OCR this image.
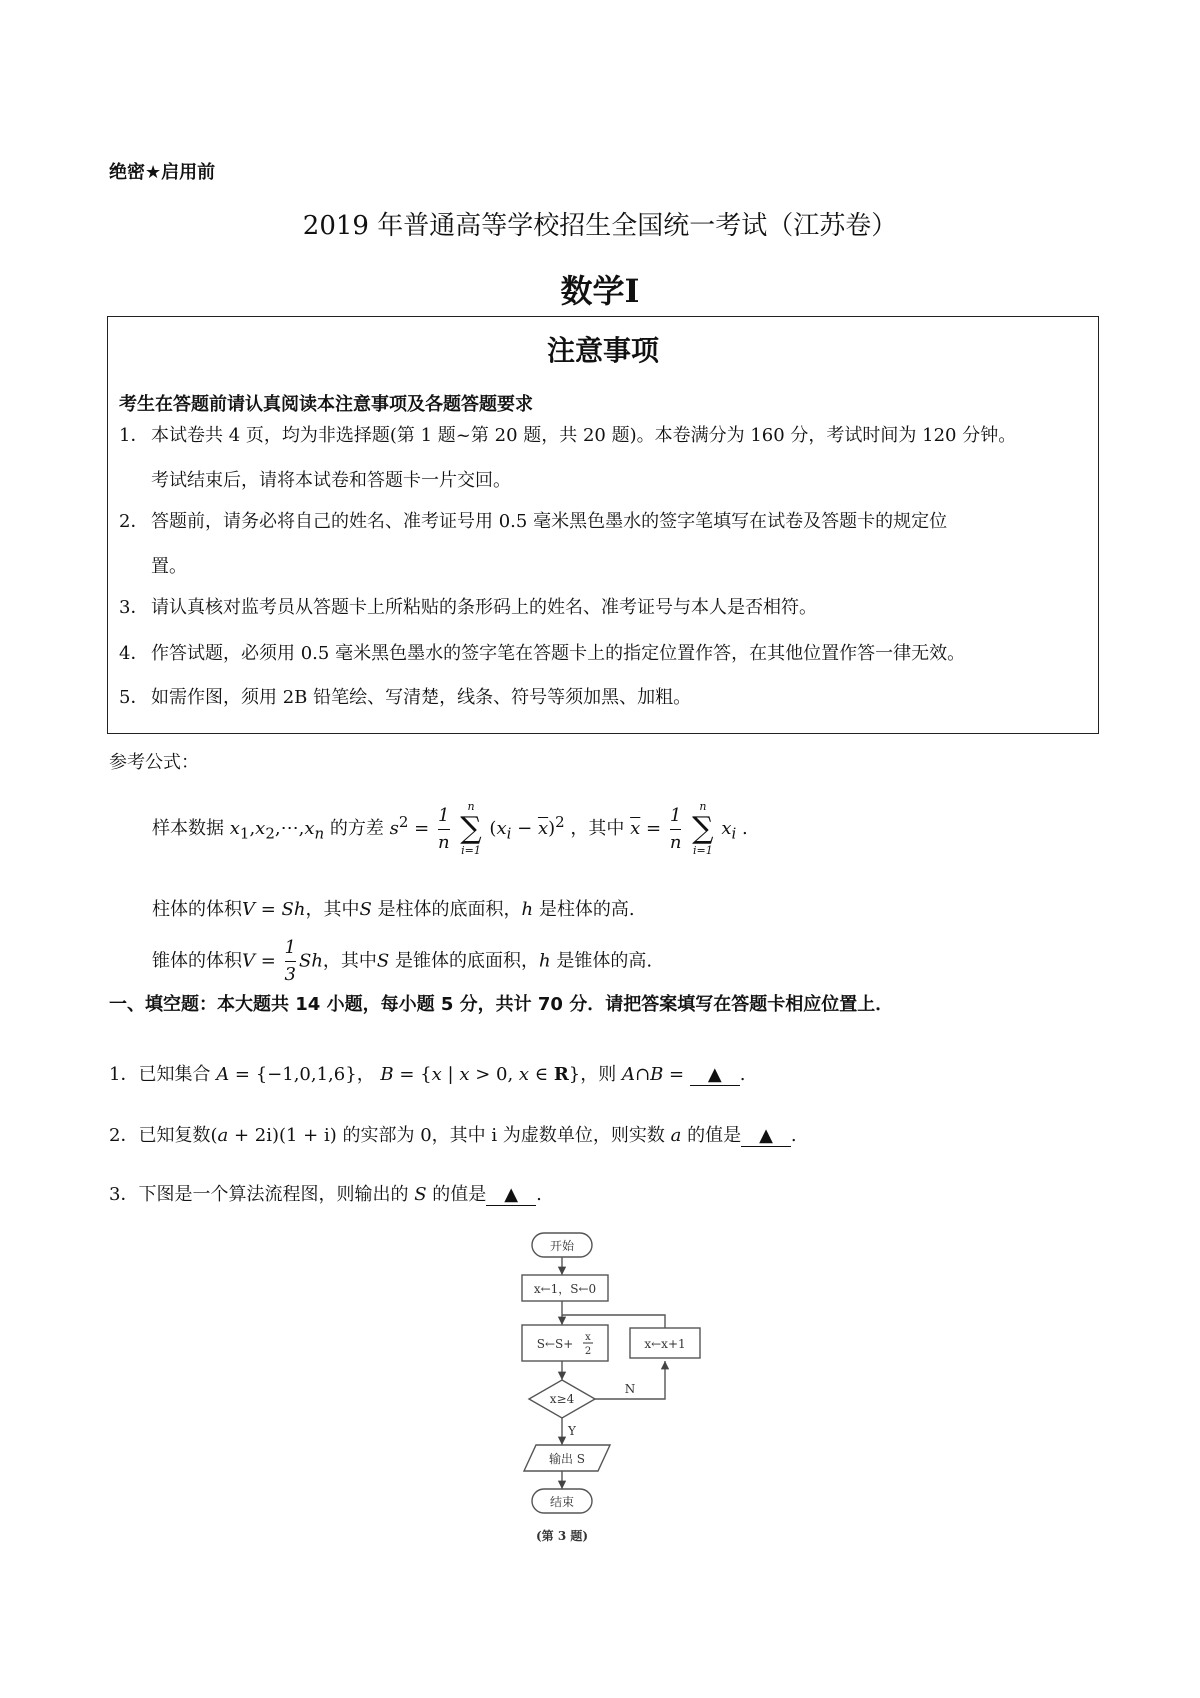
绝密★启用前
2019 年普通高等学校招生全国统一考试（江苏卷）
数学Ⅰ
注意事项
考生在答题前请认真阅读本注意事项及各题答题要求
1． 本试卷共 4 页，均为非选择题(第 1 题~第 20 题，共 20 题)。本卷满分为 160 分，考试时间为 120 分钟。
考试结束后，请将本试卷和答题卡一片交回。
2． 答题前，请务必将自己的姓名、准考证号用 0.5 毫米黑色墨水的签字笔填写在试卷及答题卡的规定位
置。
3． 请认真核对监考员从答题卡上所粘贴的条形码上的姓名、准考证号与本人是否相符。
4． 作答试题，必须用 0.5 毫米黑色墨水的签字笔在答题卡上的指定位置作答，在其他位置作答一律无效。
5． 如需作图，须用 2B 铅笔绘、写清楚，线条、符号等须加黑、加粗。
参考公式：
样本数据 $x_1,x_2,\cdots,x_n$ 的方差 $s^2 = \frac{1}{n}$
	n
∑
i=1
$(x_i - \overline{x})^2$ ，其中 $\overline{x} = \frac{1}{n}$
	n
∑
i=1
$x_i$ .
柱体的体积V = Sh，其中S 是柱体的底面积，h 是柱体的高.
锥体的体积$V = \frac{1}{3}$ Sh，其中S 是锥体的底面积，h 是锥体的高.
一、填空题：本大题共 14 小题，每小题 5 分，共计 70 分．请把答案填写在答题卡相应位置上．
1．已知集合 A = {−1,0,1,6}， B = {x | x > 0, x ∈ R}，则 A∩B = ▲ .
2．已知复数(a + 2i)(1 + i) 的实部为 0，其中 i 为虚数单位，则实数 a 的值是 ▲ .
3．下图是一个算法流程图，则输出的 S 的值是 ▲ .
开始
x←1，S←0
S←S+ x
2
x←x+1
x≥4
N
Y
输出 S
结束
(第 3 题)
